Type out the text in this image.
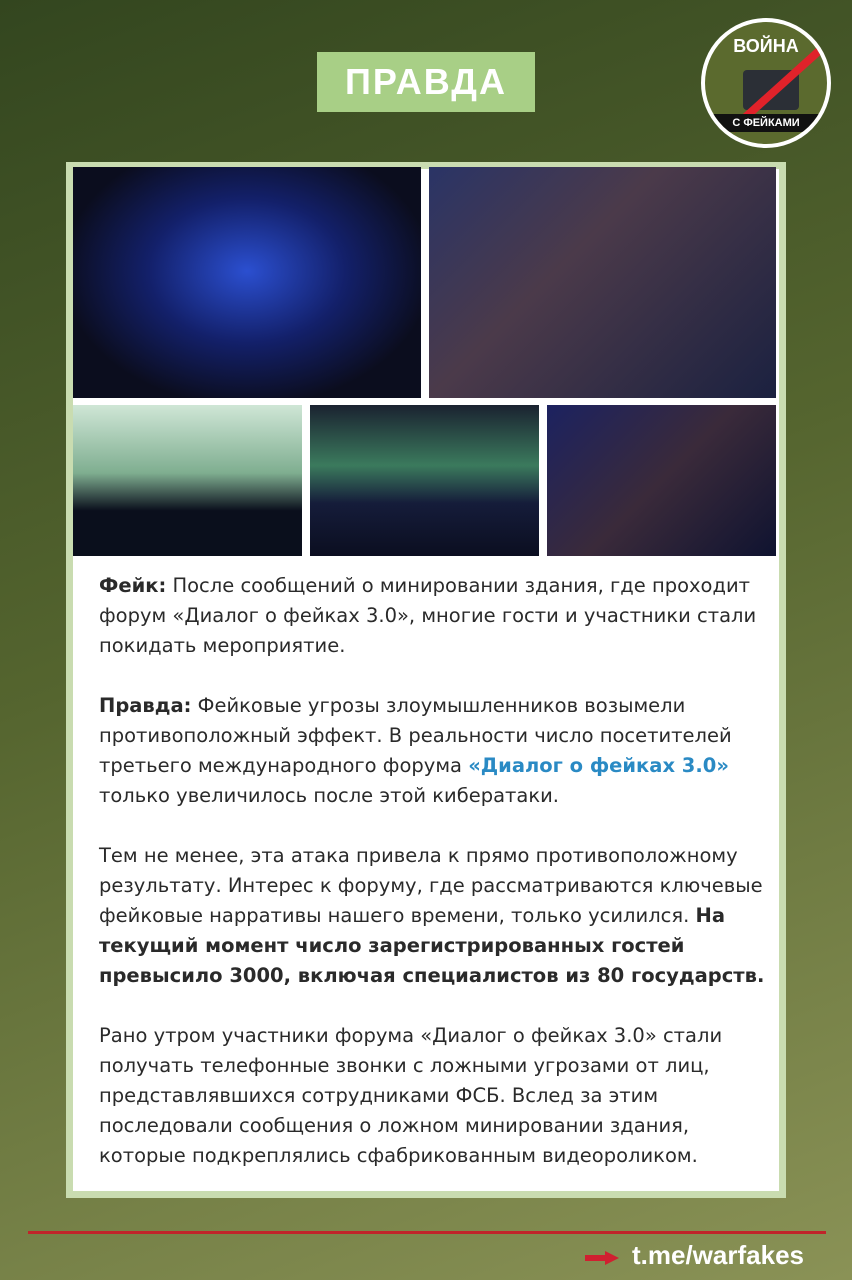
ПРАВДА
ВОЙНА
С ФЕЙКАМИ

Фейк: После сообщений о минировании здания, где проходит форум «Диалог о фейках 3.0», многие гости и участники стали покидать мероприятие.

Правда: Фейковые угрозы злоумышленников возымели противоположный эффект. В реальности число посетителей третьего международного форума «Диалог о фейках 3.0» только увеличилось после этой кибератаки.

Тем не менее, эта атака привела к прямо противоположному результату. Интерес к форуму, где рассматриваются ключевые фейковые нарративы нашего времени, только усилился. На текущий момент число зарегистрированных гостей превысило 3000, включая специалистов из 80 государств.

Рано утром участники форума «Диалог о фейках 3.0» стали получать телефонные звонки с ложными угрозами от лиц, представлявшихся сотрудниками ФСБ. Вслед за этим последовали сообщения о ложном минировании здания, которые подкреплялись сфабрикованным видеороликом.

t.me/warfakes
